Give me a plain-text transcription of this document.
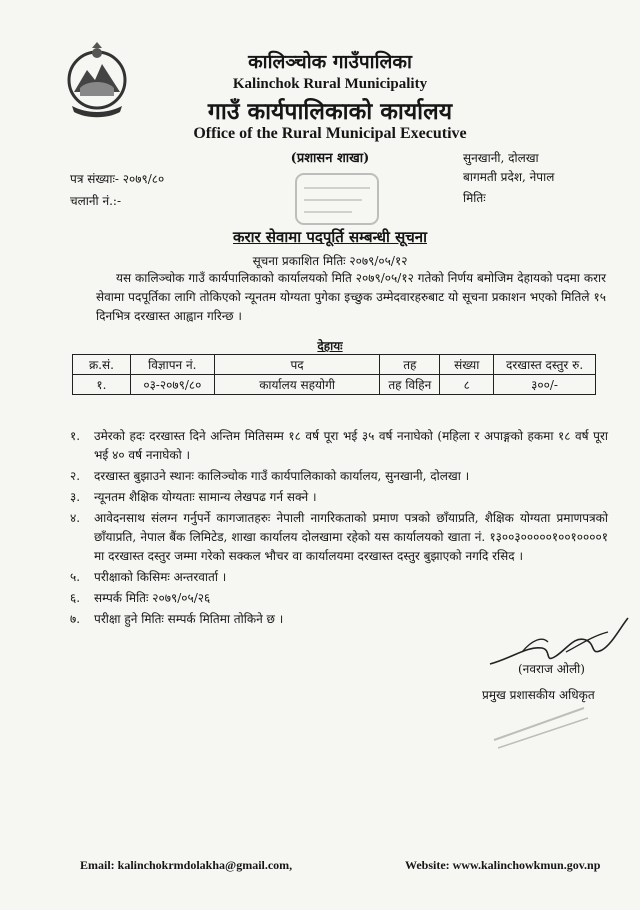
कालिञ्चोक गाउँपालिका
Kalinchok Rural Municipality
गाउँ कार्यपालिकाको कार्यालय
Office of the Rural Municipal Executive
(प्रशासन शाखा)	सुनखानी, दोलखा
बागमती प्रदेश, नेपाल
मितिः
पत्र संख्याः- २०७९/८०
चलानी नं.:-
करार सेवामा पदपूर्ति सम्बन्धी सूचना
सूचना प्रकाशित मितिः २०७९/०५/१२
यस कालिञ्चोक गाउँ कार्यपालिकाको कार्यालयको मिति २०७९/०५/१२ गतेको निर्णय बमोजिम देहायको पदमा करार सेवामा पदपूर्तिका लागि तोकिएको न्यूनतम योग्यता पुगेका इच्छुक उम्मेदवारहरुबाट यो सूचना प्रकाशन भएको मितिले १५ दिनभित्र दरखास्त आह्वान गरिन्छ ।
देहायः
क्र.सं.	विज्ञापन नं.	पद	तह	संख्या	दरखास्त दस्तुर रु.
१.	०३-२०७९/८०	कार्यालय सहयोगी	तह विहिन	८	३००/-
१.	उमेरको हदः दरखास्त दिने अन्तिम मितिसम्म १८ वर्ष पूरा भई ३५ वर्ष ननाघेको (महिला र अपाङ्गको हकमा १८ वर्ष पूरा भई ४० वर्ष ननाघेको ।
२.	दरखास्त बुझाउने स्थानः कालिञ्चोक गाउँ कार्यपालिकाको कार्यालय, सुनखानी, दोलखा ।
३.	न्यूनतम शैक्षिक योग्यताः सामान्य लेखपढ गर्न सक्ने ।
४.	आवेदनसाथ संलग्न गर्नुपर्ने कागजातहरुः नेपाली नागरिकताको प्रमाण पत्रको छाँयाप्रति, शैक्षिक योग्यता प्रमाणपत्रको छाँयाप्रति, नेपाल बैंक लिमिटेड, शाखा कार्यालय दोलखामा रहेको यस कार्यालयको खाता नं. १३००३०००००१००१००००१ मा दरखास्त दस्तुर जम्मा गरेको सक्कल भौचर वा कार्यालयमा दरखास्त दस्तुर बुझाएको नगदि रसिद ।
५.	परीक्षाको किसिमः अन्तरवार्ता ।
६.	सम्पर्क मितिः २०७९/०५/२६
७.	परीक्षा हुने मितिः सम्पर्क मितिमा तोकिने छ ।
(नवराज ओली)
प्रमुख प्रशासकीय अधिकृत
Email: kalinchokrmdolakha@gmail.com,	Website: www.kalinchowkmun.gov.np
